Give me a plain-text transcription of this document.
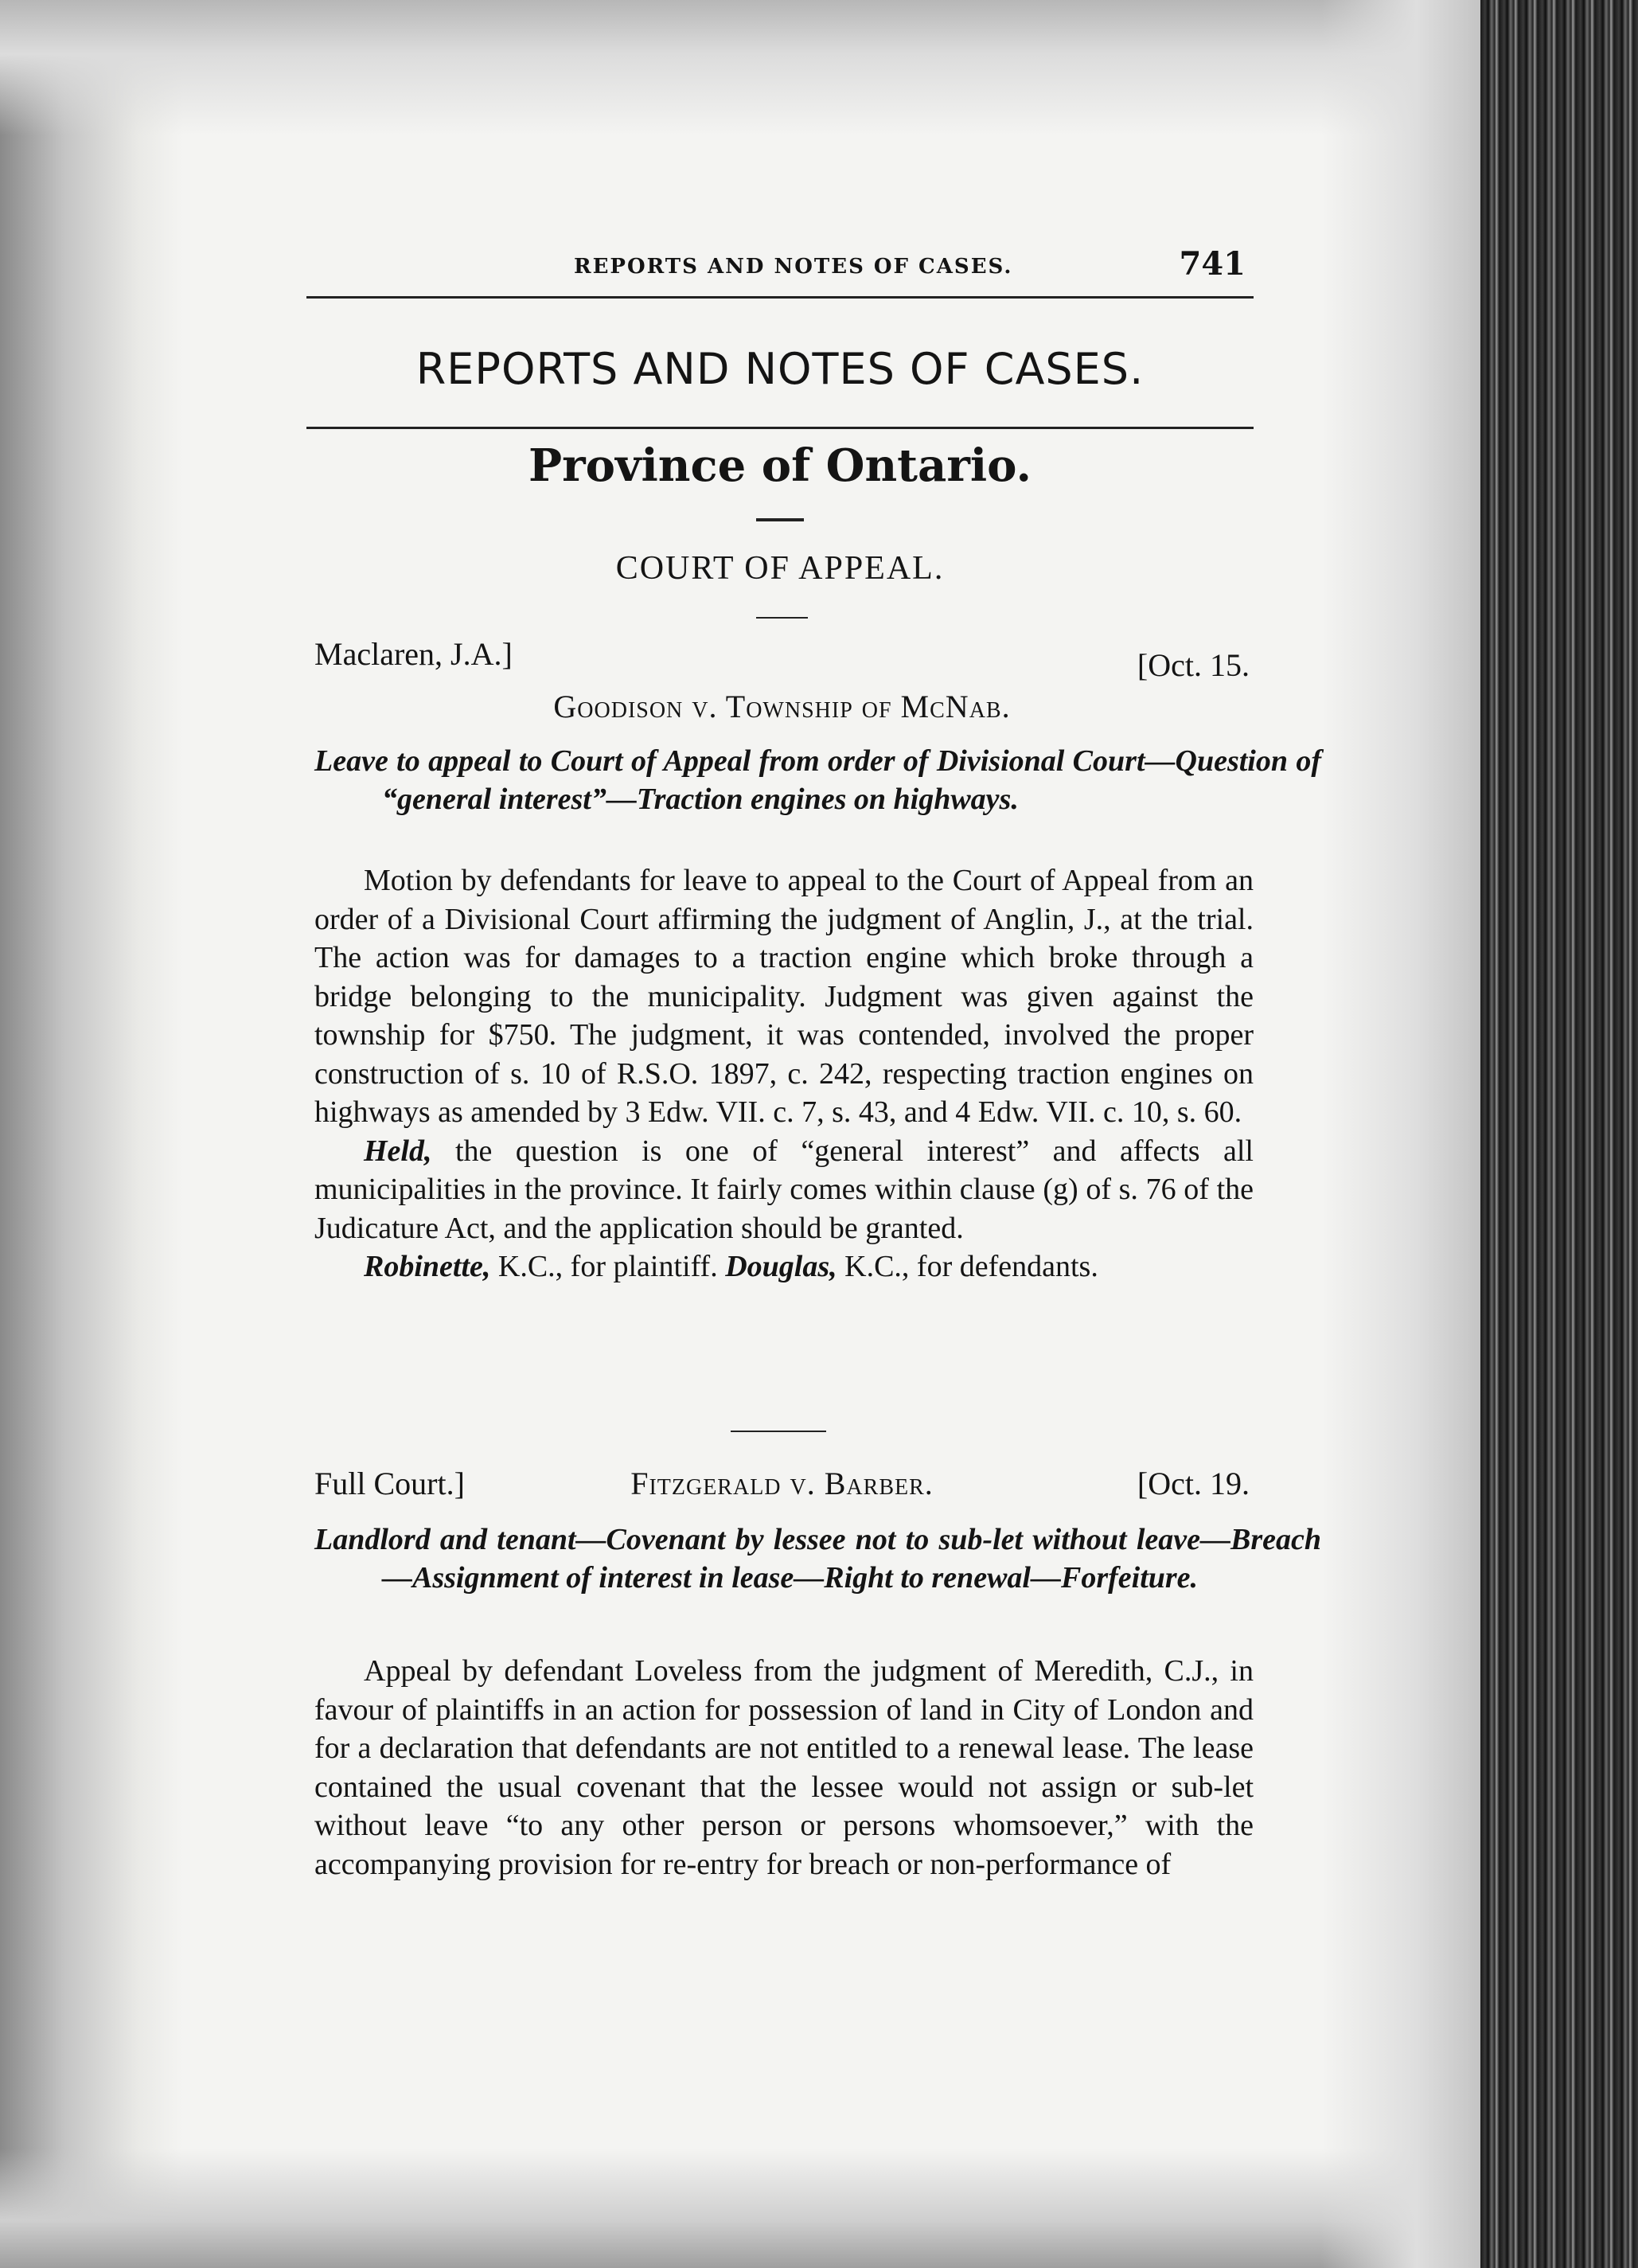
REPORTS AND NOTES OF CASES.	741
REPORTS AND NOTES OF CASES.
Province of Ontario.
COURT OF APPEAL.
Maclaren, J.A.]	[Oct. 15.
Goodison v. Township of McNab.
Leave to appeal to Court of Appeal from order of Divisional Court—Question of “general interest”—Traction engines on highways.

Motion by defendants for leave to appeal to the Court of Appeal from an order of a Divisional Court affirming the judgment of Anglin, J., at the trial. The action was for damages to a traction engine which broke through a bridge belonging to the municipality. Judgment was given against the township for $750. The judgment, it was contended, involved the proper construction of s. 10 of R.S.O. 1897, c. 242, respecting traction engines on highways as amended by 3 Edw. VII. c. 7, s. 43, and 4 Edw. VII. c. 10, s. 60.

Held, the question is one of “general interest” and affects all municipalities in the province. It fairly comes within clause (g) of s. 76 of the Judicature Act, and the application should be granted.

Robinette, K.C., for plaintiff. Douglas, K.C., for defendants.

Full Court.]	Fitzgerald v. Barber.	[Oct. 19.
Landlord and tenant—Covenant by lessee not to sub-let without leave—Breach—Assignment of interest in lease—Right to renewal—Forfeiture.

Appeal by defendant Loveless from the judgment of Meredith, C.J., in favour of plaintiffs in an action for possession of land in City of London and for a declaration that defendants are not entitled to a renewal lease. The lease contained the usual covenant that the lessee would not assign or sub-let without leave “to any other person or persons whomsoever,” with the accompanying provision for re-entry for breach or non-performance of
